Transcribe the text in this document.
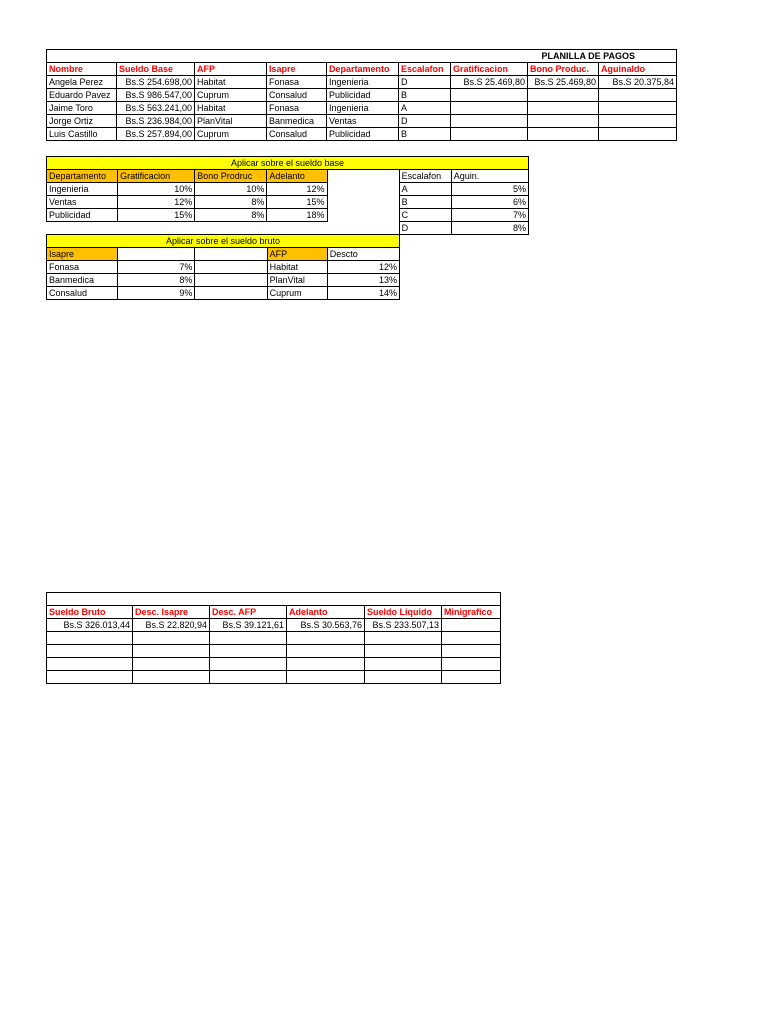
							PLANILLA DE PAGOS	
Nombre	Sueldo Base	AFP	Isapre	Departamento	Escalafon	Gratificacion	Bono Produc.	Aguinaldo
Angela Perez	Bs.S 254.698,00	Habitat	Fonasa	Ingenieria	D	Bs.S 25.469,80	Bs.S 25.469,80	Bs.S 20.375,84
Eduardo Pavez	Bs.S 986.547,00	Cuprum	Consalud	Publicidad	B			
Jaime Toro	Bs.S 563.241,00	Habitat	Fonasa	Ingenieria	A			
Jorge Ortiz	Bs.S 236.984,00	PlanVital	Banmedica	Ventas	D			
Luis Castillo	Bs.S 257.894,00	Cuprum	Consalud	Publicidad	B			
Aplicar sobre el sueldo base						
Departamento	Gratificacion	Bono Prodruc	Adelanto		Escalafon	Aguin.
Ingenieria	10%	10%	12%		A	5%
Ventas	12%	8%	15%		B	6%
Publicidad	15%	8%	18%		C	7%
					D	8%
Aplicar sobre el sueldo bruto				
Isapre			AFP	Descto
Fonasa	7%		Habitat	12%
Banmedica	8%		PlanVital	13%
Consalud	9%		Cuprum	14%

Sueldo Bruto	Desc. Isapre	Desc. AFP	Adelanto	Sueldo Liquido	Minigrafico
Bs.S 326.013,44	Bs.S 22.820,94	Bs.S 39.121,61	Bs.S 30.563,76	Bs.S 233.507,13	
